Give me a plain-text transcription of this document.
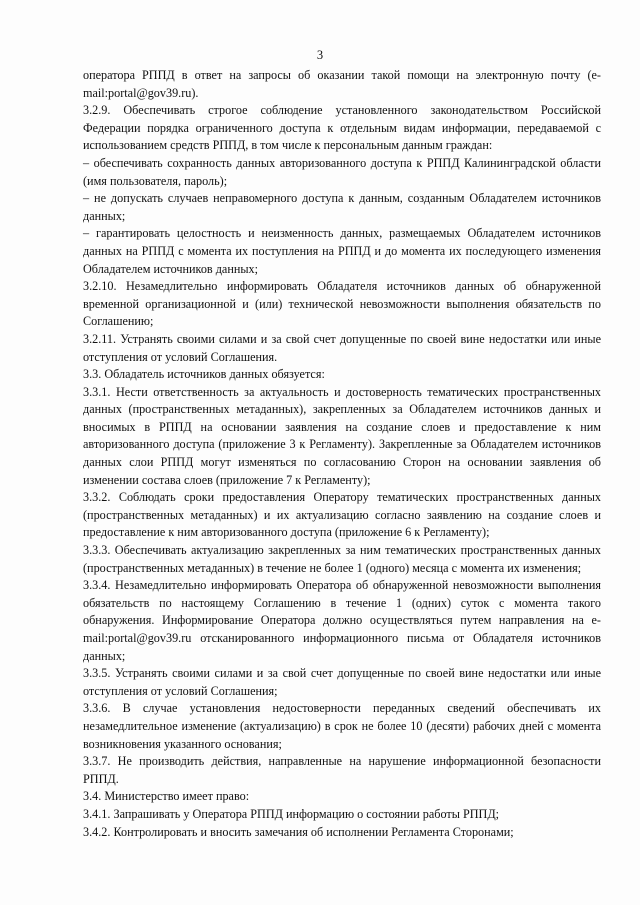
3

оператора РППД в ответ на запросы об оказании такой помощи на электронную почту (e-mail:portal@gov39.ru).

3.2.9. Обеспечивать строгое соблюдение установленного законодательством Российской Федерации порядка ограниченного доступа к отдельным видам информации, передаваемой с использованием средств РППД, в том числе к персональным данным граждан:

– обеспечивать сохранность данных авторизованного доступа к РППД Калининградской области (имя пользователя, пароль);

– не допускать случаев неправомерного доступа к данным, созданным Обладателем источников данных;

– гарантировать целостность и неизменность данных, размещаемых Обладателем источников данных на РППД с момента их поступления на РППД и до момента их последующего изменения Обладателем источников данных;

3.2.10. Незамедлительно информировать Обладателя источников данных об обнаруженной временной организационной и (или) технической невозможности выполнения обязательств по Соглашению;

3.2.11. Устранять своими силами и за свой счет допущенные по своей вине недостатки или иные отступления от условий Соглашения.

3.3. Обладатель источников данных обязуется:

3.3.1. Нести ответственность за актуальность и достоверность тематических пространственных данных (пространственных метаданных), закрепленных за Обладателем источников данных и вносимых в РППД на основании заявления на создание слоев и предоставление к ним авторизованного доступа (приложение 3 к Регламенту). Закрепленные за Обладателем источников данных слои РППД могут изменяться по согласованию Сторон на основании заявления об изменении состава слоев (приложение 7 к Регламенту);

3.3.2. Соблюдать сроки предоставления Оператору тематических пространственных данных (пространственных метаданных) и их актуализацию согласно заявлению на создание слоев и предоставление к ним авторизованного доступа (приложение 6 к Регламенту);

3.3.3. Обеспечивать актуализацию закрепленных за ним тематических пространственных данных (пространственных метаданных) в течение не более 1 (одного) месяца с момента их изменения;

3.3.4. Незамедлительно информировать Оператора об обнаруженной невозможности выполнения обязательств по настоящему Соглашению в течение 1 (одних) суток с момента такого обнаружения. Информирование Оператора должно осуществляться путем направления на e-mail:portal@gov39.ru отсканированного информационного письма от Обладателя источников данных;

3.3.5. Устранять своими силами и за свой счет допущенные по своей вине недостатки или иные отступления от условий Соглашения;

3.3.6. В случае установления недостоверности переданных сведений обеспечивать их незамедлительное изменение (актуализацию) в срок не более 10 (десяти) рабочих дней с момента возникновения указанного основания;

3.3.7. Не производить действия, направленные на нарушение информационной безопасности РППД.

3.4. Министерство имеет право:

3.4.1. Запрашивать у Оператора РППД информацию о состоянии работы РППД;

3.4.2. Контролировать и вносить замечания об исполнении Регламента Сторонами;
